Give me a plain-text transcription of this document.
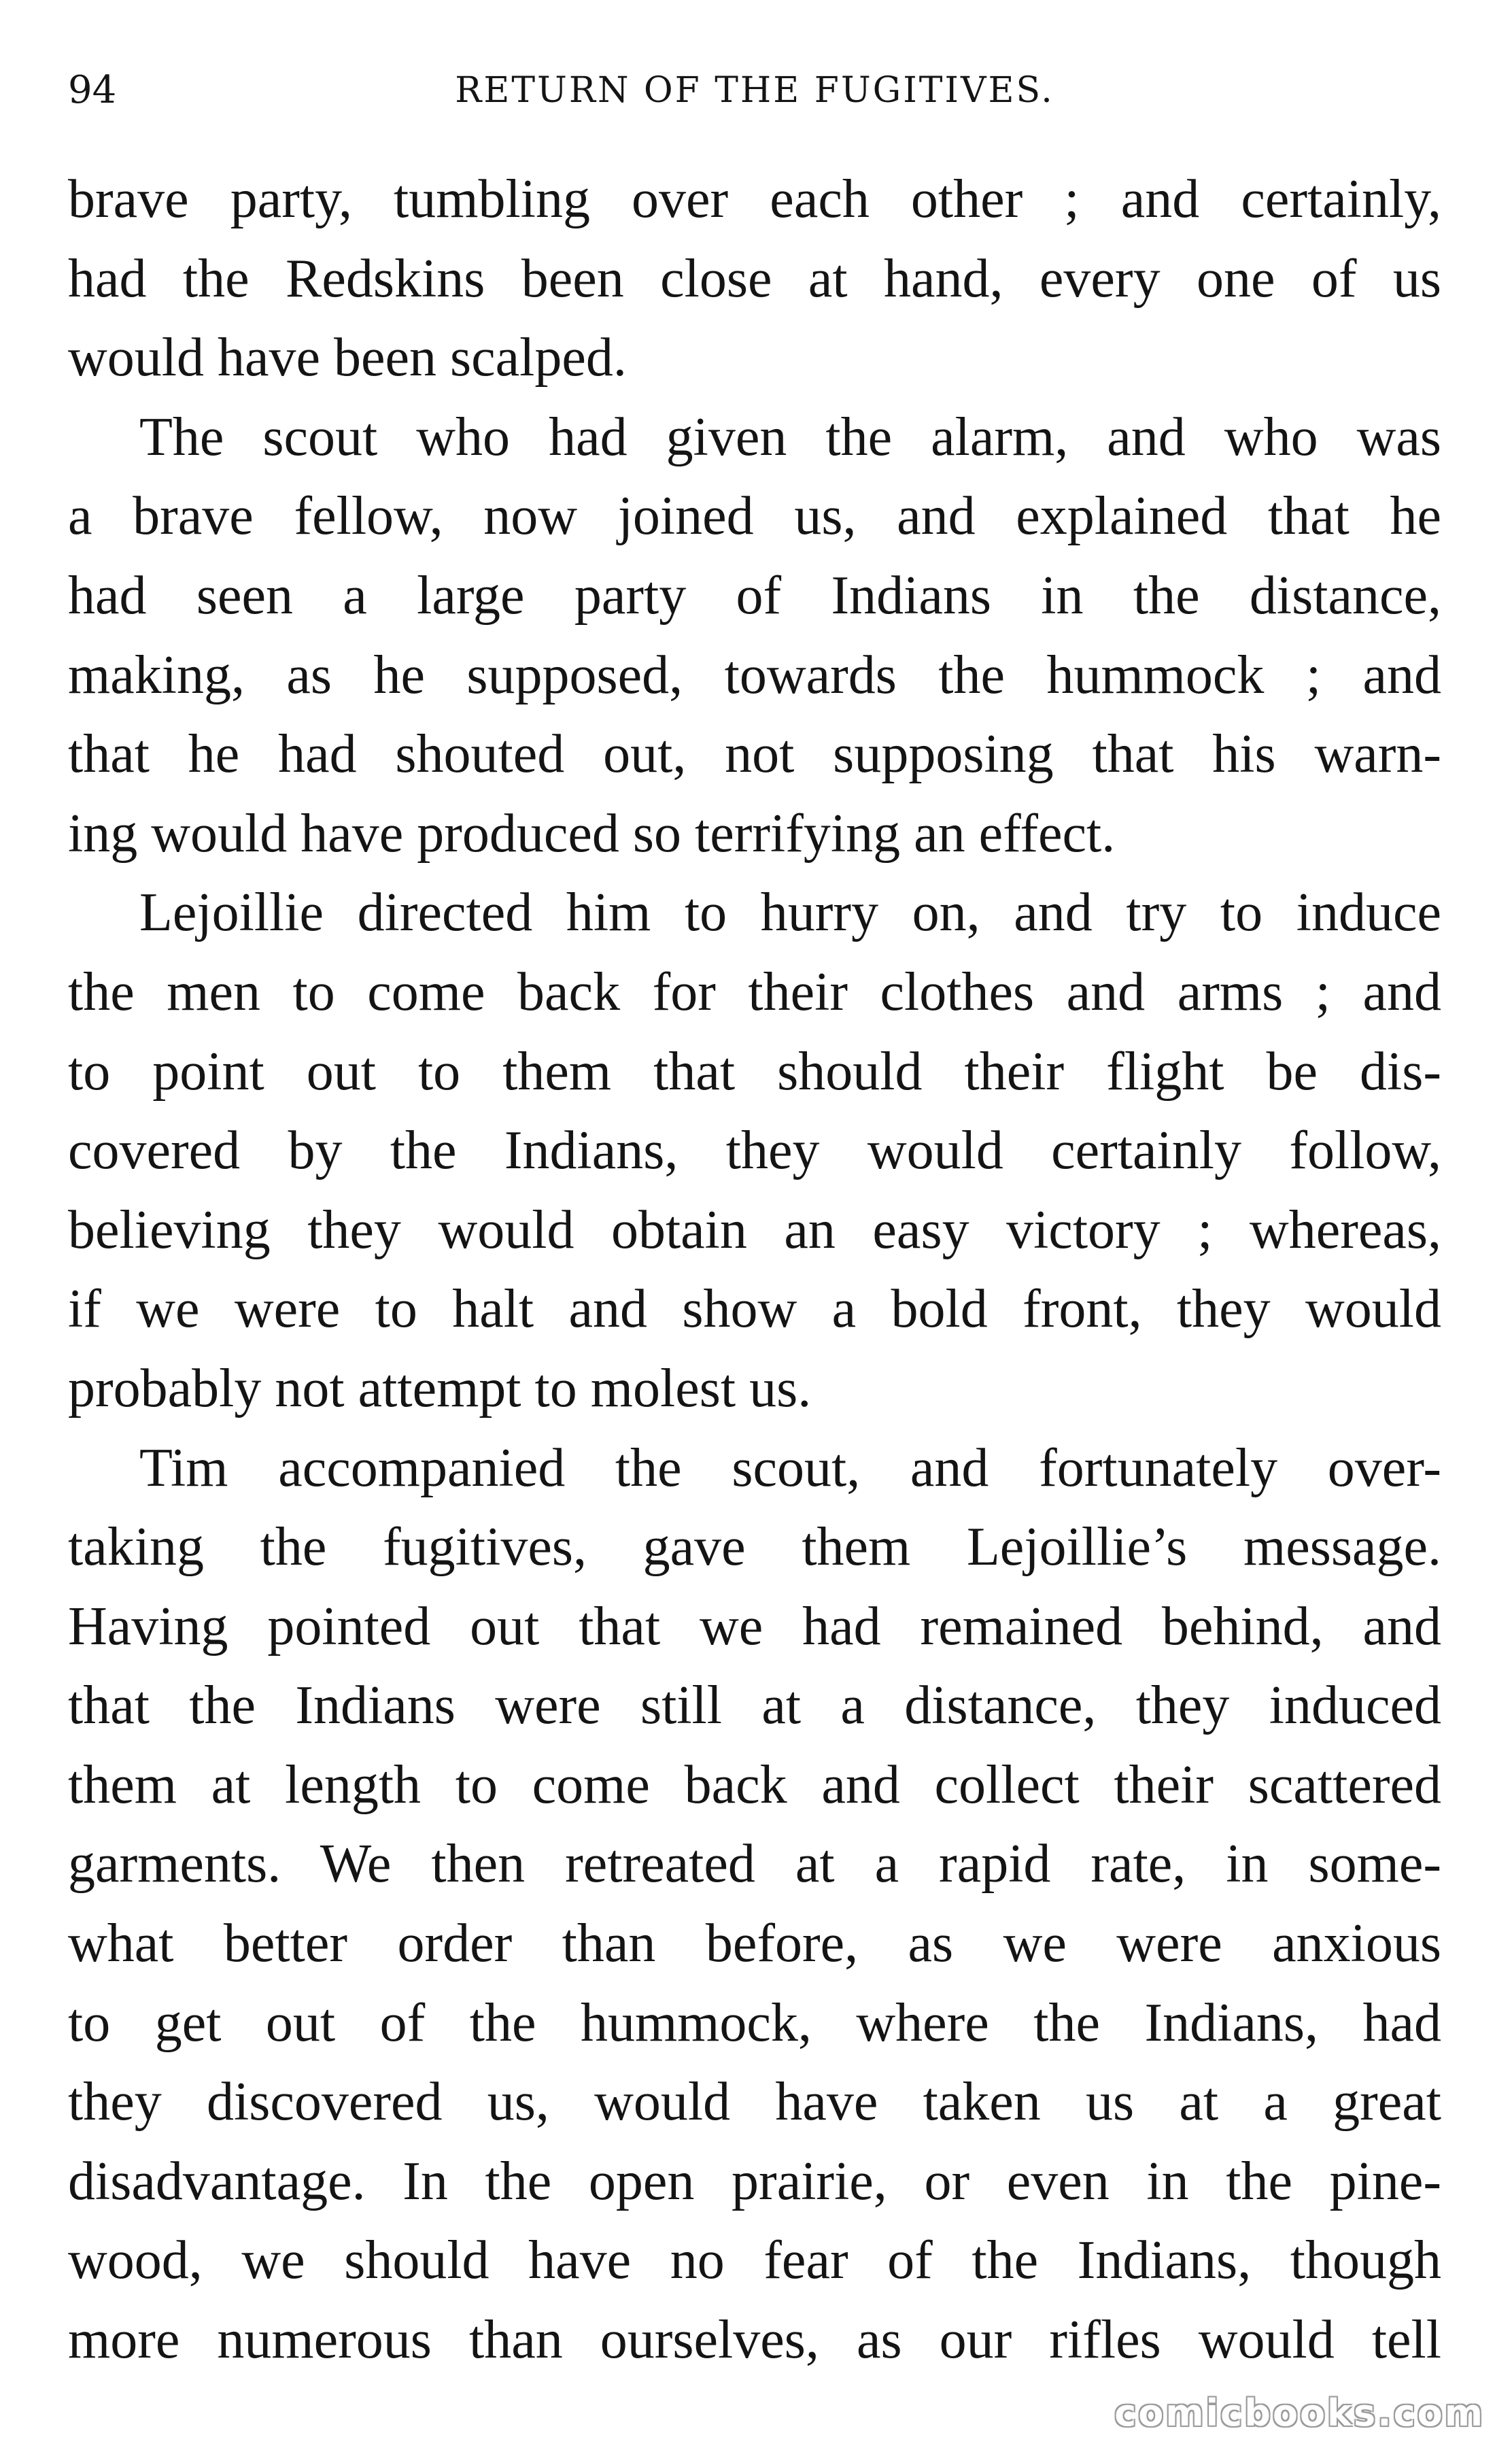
94	RETURN OF THE FUGITIVES.
brave party, tumbling over each other ; and certainly,
had the Redskins been close at hand, every one of us
would have been scalped.
The scout who had given the alarm, and who was
a brave fellow, now joined us, and explained that he
had seen a large party of Indians in the distance,
making, as he supposed, towards the hummock ; and
that he had shouted out, not supposing that his warn-
ing would have produced so terrifying an effect.
Lejoillie directed him to hurry on, and try to induce
the men to come back for their clothes and arms ; and
to point out to them that should their flight be dis-
covered by the Indians, they would certainly follow,
believing they would obtain an easy victory ; whereas,
if we were to halt and show a bold front, they would
probably not attempt to molest us.
Tim accompanied the scout, and fortunately over-
taking the fugitives, gave them Lejoillie’s message.
Having pointed out that we had remained behind, and
that the Indians were still at a distance, they induced
them at length to come back and collect their scattered
garments. We then retreated at a rapid rate, in some-
what better order than before, as we were anxious
to get out of the hummock, where the Indians, had
they discovered us, would have taken us at a great
disadvantage. In the open prairie, or even in the pine-
wood, we should have no fear of the Indians, though
more numerous than ourselves, as our rifles would tell
comicbooks.com
